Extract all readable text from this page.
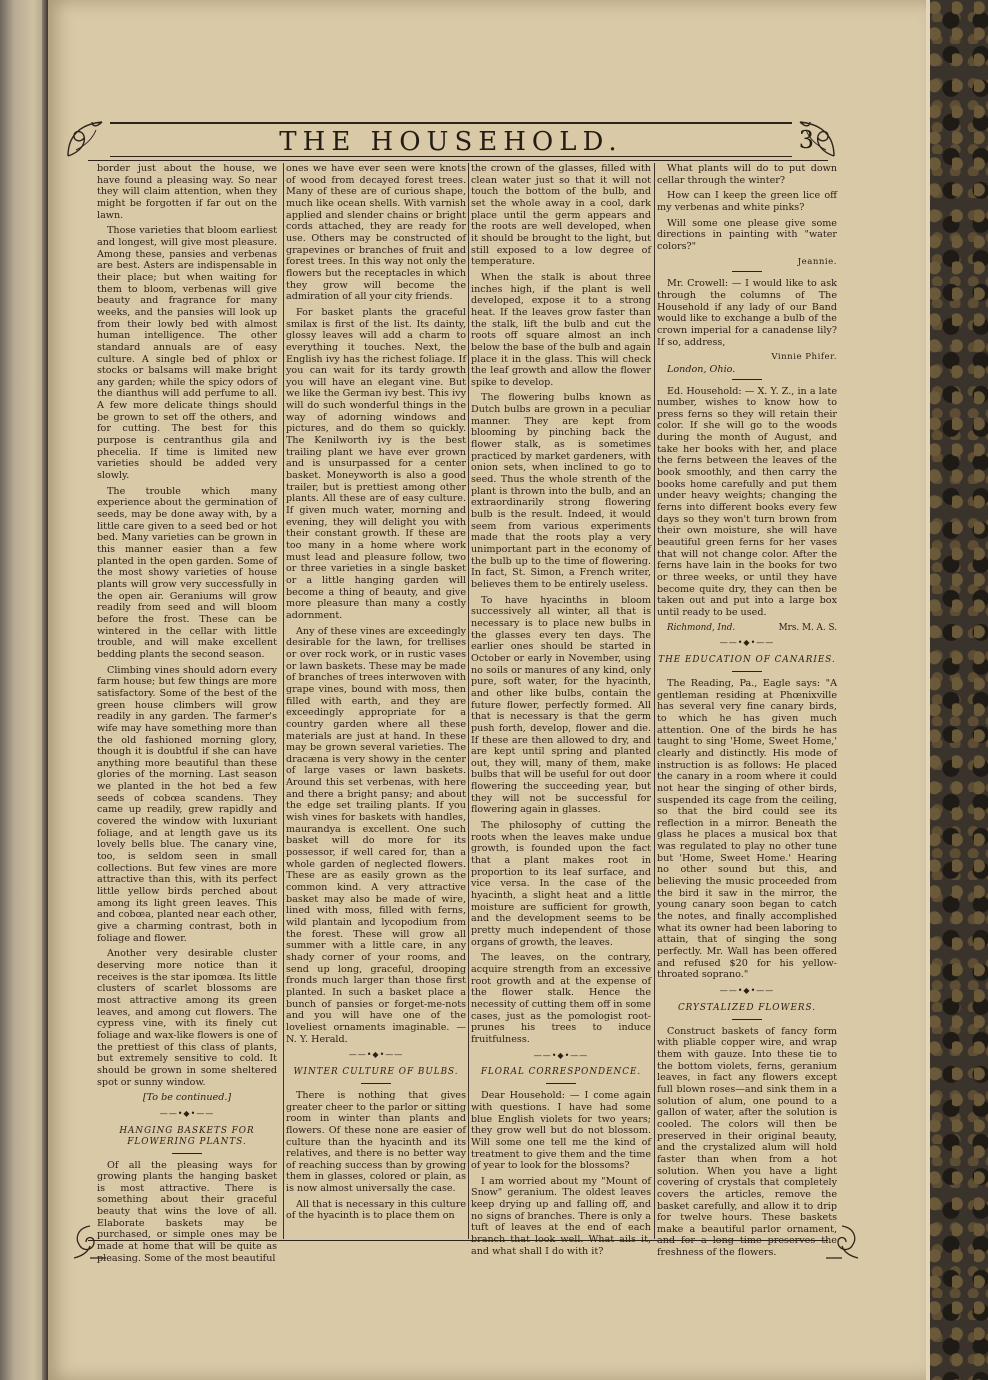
THE HOUSEHOLD.	3

border just about the house, we have found a pleasing way. So near they will claim attention, when they might be forgotten if far out on the lawn.

Those varieties that bloom earliest and longest, will give most pleasure. Among these, pansies and verbenas are best. Asters are indispensable in their place; but when waiting for them to bloom, verbenas will give beauty and fragrance for many weeks, and the pansies will look up from their lowly bed with almost human intelligence. The other standard annuals are of easy culture. A single bed of phlox or stocks or balsams will make bright any garden; while the spicy odors of the dianthus will add perfume to all. A few more delicate things should be grown to set off the others, and for cutting. The best for this purpose is centranthus gila and phecelia. If time is limited new varieties should be added very slowly.

The trouble which many experience about the germination of seeds, may be done away with, by a little care given to a seed bed or hot bed. Many varieties can be grown in this manner easier than a few planted in the open garden. Some of the most showy varieties of house plants will grow very successfully in the open air. Geraniums will grow readily from seed and will bloom before the frost. These can be wintered in the cellar with little trouble, and will make excellent bedding plants the second season.

Climbing vines should adorn every farm house; but few things are more satisfactory. Some of the best of the green house climbers will grow readily in any garden. The farmer's wife may have something more than the old fashioned morning glory, though it is doubtful if she can have anything more beautiful than these glories of the morning. Last season we planted in the hot bed a few seeds of cobœa scandens. They came up readily, grew rapidly and covered the window with luxuriant foliage, and at length gave us its lovely bells blue. The canary vine, too, is seldom seen in small collections. But few vines are more attractive than this, with its perfect little yellow birds perched about among its light green leaves. This and cobœa, planted near each other, give a charming contrast, both in foliage and flower.

Another very desirable cluster deserving more notice than it receives is the star ipomœa. Its little clusters of scarlet blossoms are most attractive among its green leaves, and among cut flowers. The cypress vine, with its finely cut foliage and wax-like flowers is one of the prettiest of this class of plants, but extremely sensitive to cold. It should be grown in some sheltered spot or sunny window.

[To be continued.]

——•◆•——
HANGING BASKETS FOR FLOWERING PLANTS.

Of all the pleasing ways for growing plants the hanging basket is most attractive. There is something about their graceful beauty that wins the love of all. Elaborate baskets may be purchased, or simple ones may be made at home that will be quite as pleasing. Some of the most beautiful

ones we have ever seen were knots of wood from decayed forest trees. Many of these are of curious shape, much like ocean shells. With varnish applied and slender chains or bright cords attached, they are ready for use. Others may be constructed of grapevines or branches of fruit and forest trees. In this way not only the flowers but the receptacles in which they grow will become the admiration of all your city friends.

For basket plants the graceful smilax is first of the list. Its dainty, glossy leaves will add a charm to everything it touches. Next, the English ivy has the richest foliage. If you can wait for its tardy growth you will have an elegant vine. But we like the German ivy best. This ivy will do such wonderful things in the way of adorning windows and pictures, and do them so quickly. The Kenilworth ivy is the best trailing plant we have ever grown and is unsurpassed for a center basket. Moneyworth is also a good trailer, but is prettiest among other plants. All these are of easy culture. If given much water, morning and evening, they will delight you with their constant growth. If these are too many in a home where work must lead and pleasure follow, two or three varieties in a single basket or a little hanging garden will become a thing of beauty, and give more pleasure than many a costly adornment.

Any of these vines are exceedingly desirable for the lawn, for trellises or over rock work, or in rustic vases or lawn baskets. These may be made of branches of trees interwoven with grape vines, bound with moss, then filled with earth, and they are exceedingly appropriate for a country garden where all these materials are just at hand. In these may be grown several varieties. The dracæna is very showy in the center of large vases or lawn baskets. Around this set verbenas, with here and there a bright pansy; and about the edge set trailing plants. If you wish vines for baskets with handles, maurandya is excellent. One such basket will do more for its possessor, if well cared for, than a whole garden of neglected flowers. These are as easily grown as the common kind. A very attractive basket may also be made of wire, lined with moss, filled with ferns, wild plantain and lycopodium from the forest. These will grow all summer with a little care, in any shady corner of your rooms, and send up long, graceful, drooping fronds much larger than those first planted. In such a basket place a bunch of pansies or forget-me-nots and you will have one of the loveliest ornaments imaginable. — N. Y. Herald.

——•◆•——
WINTER CULTURE OF BULBS.

There is nothing that gives greater cheer to the parlor or sitting room in winter than plants and flowers. Of these none are easier of culture than the hyacinth and its relatives, and there is no better way of reaching success than by growing them in glasses, colored or plain, as is now almost universally the case.

All that is necessary in this culture of the hyacinth is to place them on

the crown of the glasses, filled with clean water just so that it will not touch the bottom of the bulb, and set the whole away in a cool, dark place until the germ appears and the roots are well developed, when it should be brought to the light, but still exposed to a low degree of temperature.

When the stalk is about three inches high, if the plant is well developed, expose it to a strong heat. If the leaves grow faster than the stalk, lift the bulb and cut the roots off square almost an inch below the base of the bulb and again place it in the glass. This will check the leaf growth and allow the flower spike to develop.

The flowering bulbs known as Dutch bulbs are grown in a peculiar manner. They are kept from blooming by pinching back the flower stalk, as is sometimes practiced by market gardeners, with onion sets, when inclined to go to seed. Thus the whole strenth of the plant is thrown into the bulb, and an extraordinarily strong flowering bulb is the result. Indeed, it would seem from various experiments made that the roots play a very unimportant part in the economy of the bulb up to the time of flowering. In fact, St. Simon, a French writer, believes them to be entirely useless.

To have hyacinths in bloom successively all winter, all that is necessary is to place new bulbs in the glasses every ten days. The earlier ones should be started in October or early in November, using no soils or manures of any kind, only pure, soft water, for the hyacinth, and other like bulbs, contain the future flower, perfectly formed. All that is necessary is that the germ push forth, develop, flower and die. If these are then allowed to dry, and are kept until spring and planted out, they will, many of them, make bulbs that will be useful for out door flowering the succeeding year, but they will not be successful for flowering again in glasses.

The philosophy of cutting the roots when the leaves make undue growth, is founded upon the fact that a plant makes root in proportion to its leaf surface, and vice versa. In the case of the hyacinth, a slight heat and a little moisture are sufficient for growth, and the development seems to be pretty much independent of those organs of growth, the leaves.

The leaves, on the contrary, acquire strength from an excessive root growth and at the expense of the flower stalk. Hence the necessity of cutting them off in some cases, just as the pomologist root-prunes his trees to induce fruitfulness.

——•◆•——
FLORAL CORRESPONDENCE.

Dear Household: — I come again with questions. I have had some blue English violets for two years; they grow well but do not blossom. Will some one tell me the kind of treatment to give them and the time of year to look for the blossoms?

I am worried about my "Mount of Snow" geranium. The oldest leaves keep drying up and falling off, and no signs of branches. There is only a tuft of leaves at the end of each branch that look well. What ails it, and what shall I do with it?

What plants will do to put down cellar through the winter?

How can I keep the green lice off my verbenas and white pinks?

Will some one please give some directions in painting with "water colors?"

Jeannie.

Mr. Crowell: — I would like to ask through the columns of The Household if any lady of our Band would like to exchange a bulb of the crown imperial for a canadense lily? If so, address,

Vinnie Phifer.
London, Ohio.

Ed. Household: — X. Y. Z., in a late number, wishes to know how to press ferns so they will retain their color. If she will go to the woods during the month of August, and take her books with her, and place the ferns between the leaves of the book smoothly, and then carry the books home carefully and put them under heavy weights; changing the ferns into different books every few days so they won't turn brown from their own moisture, she will have beautiful green ferns for her vases that will not change color. After the ferns have lain in the books for two or three weeks, or until they have become quite dry, they can then be taken out and put into a large box until ready to be used.

Richmond, Ind.	Mrs. M. A. S.
——•◆•——
THE EDUCATION OF CANARIES.

The Reading, Pa., Eagle says: "A gentleman residing at Phœnixville has several very fine canary birds, to which he has given much attention. One of the birds he has taught to sing 'Home, Sweet Home,' clearly and distinctly. His mode of instruction is as follows: He placed the canary in a room where it could not hear the singing of other birds, suspended its cage from the ceiling, so that the bird could see its reflection in a mirror. Beneath the glass he places a musical box that was regulated to play no other tune but 'Home, Sweet Home.' Hearing no other sound but this, and believing the music proceeded from the bird it saw in the mirror, the young canary soon began to catch the notes, and finally accomplished what its owner had been laboring to attain, that of singing the song perfectly. Mr. Wall has been offered and refused $20 for his yellow-throated soprano."

——•◆•——
CRYSTALIZED FLOWERS.

Construct baskets of fancy form with pliable copper wire, and wrap them with gauze. Into these tie to the bottom violets, ferns, geranium leaves, in fact any flowers except full blown roses—and sink them in a solution of alum, one pound to a gallon of water, after the solution is cooled. The colors will then be preserved in their original beauty, and the crystalized alum will hold faster than when from a hot solution. When you have a light covering of crystals that completely covers the articles, remove the basket carefully, and allow it to drip for twelve hours. These baskets make a beautiful parlor ornament, and for a long time preserves the freshness of the flowers.
